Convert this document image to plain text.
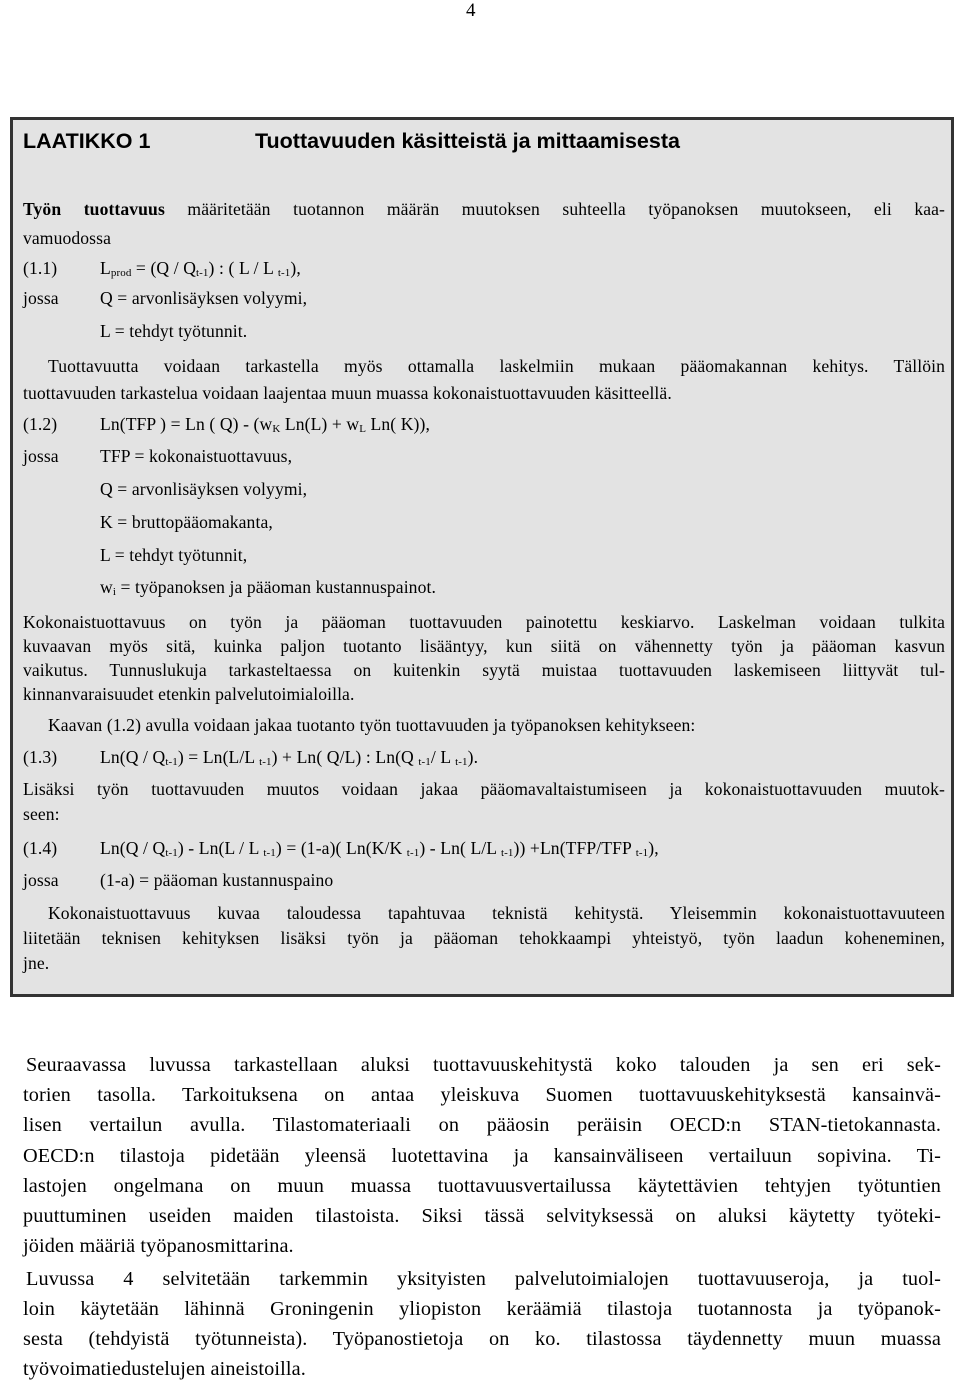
4
LAATIKKO 1	Tuottavuuden käsitteistä ja mittaamisesta
Työn tuottavuus määritetään tuotannon määrän muutoksen suhteella työpanoksen muutokseen, eli kaa-
vamuodossa
(1.1) $L_{prod} = (Q / Q_{t-1})$ : ( L / L $_{t-1}$),
jossa Q = arvonlisäyksen volyymi,
L = tehdyt työtunnit.
Tuottavuutta voidaan tarkastella myös ottamalla laskelmiin mukaan pääomakannan kehitys. Tällöin
tuottavuuden tarkastelua voidaan laajentaa muun muassa kokonaistuottavuuden käsitteellä.
(1.2) Ln(TFP ) = Ln ( $Q) - (w_K$ $Ln(L) + w_L$ Ln( K)),
jossa TFP = kokonaistuottavuus,
Q = arvonlisäyksen volyymi,
K = bruttopääomakanta,
L = tehdyt työtunnit,
$w_i$ = työpanoksen ja pääoman kustannuspainot.
Kokonaistuottavuus on työn ja pääoman tuottavuuden painotettu keskiarvo. Laskelman voidaan tulkita
kuvaavan myös sitä, kuinka paljon tuotanto lisääntyy, kun siitä on vähennetty työn ja pääoman kasvun
vaikutus. Tunnuslukuja tarkasteltaessa on kuitenkin syytä muistaa tuottavuuden laskemiseen liittyvät tul-
kinnanvaraisuudet etenkin palvelutoimialoilla.
Kaavan (1.2) avulla voidaan jakaa tuotanto työn tuottavuuden ja työpanoksen kehitykseen:
(1.3) $Ln(Q / Q_{t-1}) = Ln(L/L$ $_{t-1}$) + Ln( Q/L) : Ln(Q $_{t-1}$/ L $_{t-1}$).
Lisäksi työn tuottavuuden muutos voidaan jakaa pääomavaltaistumiseen ja kokonaistuottavuuden muutok-
seen:
(1.4) $Ln(Q / Q_{t-1}) - Ln(L$ / L $_{t-1}$) = (1-a)( Ln(K/K $_{t-1}$) - Ln( L/L $_{t-1}$)) +Ln(TFP/TFP $_{t-1}$),
jossa (1-a) = pääoman kustannuspaino
Kokonaistuottavuus kuvaa taloudessa tapahtuvaa teknistä kehitystä. Yleisemmin kokonaistuottavuuteen
liitetään teknisen kehityksen lisäksi työn ja pääoman tehokkaampi yhteistyö, työn laadun koheneminen,
jne.
Seuraavassa luvussa tarkastellaan aluksi tuottavuuskehitystä koko talouden ja sen eri sek-
torien tasolla. Tarkoituksena on antaa yleiskuva Suomen tuottavuuskehityksestä kansainvä-
lisen vertailun avulla. Tilastomateriaali on pääosin peräisin OECD:n STAN-tietokannasta.
OECD:n tilastoja pidetään yleensä luotettavina ja kansainväliseen vertailuun sopivina. Ti-
lastojen ongelmana on muun muassa tuottavuusvertailussa käytettävien tehtyjen työtuntien
puuttuminen useiden maiden tilastoista. Siksi tässä selvityksessä on aluksi käytetty työteki-
jöiden määriä työpanosmittarina.
Luvussa 4 selvitetään tarkemmin yksityisten palvelutoimialojen tuottavuuseroja, ja tuol-
loin käytetään lähinnä Groningenin yliopiston keräämiä tilastoja tuotannosta ja työpanok-
sesta (tehdyistä työtunneista). Työpanostietoja on ko. tilastossa täydennetty muun muassa
työvoimatiedustelujen aineistoilla.
